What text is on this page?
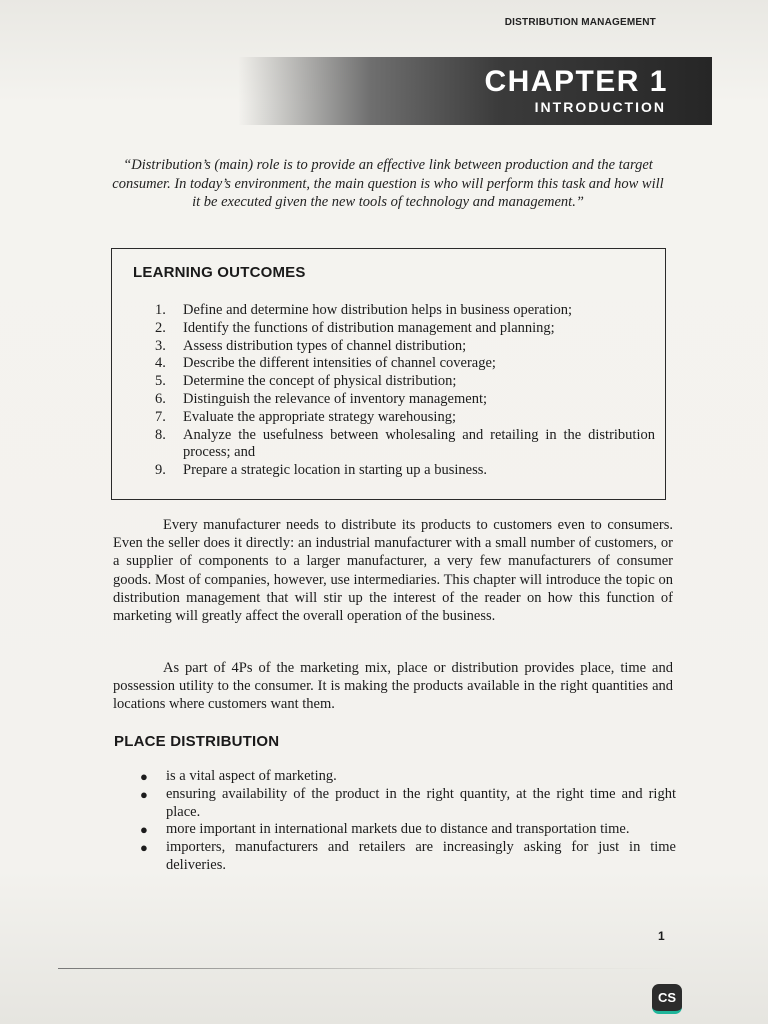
DISTRIBUTION MANAGEMENT
CHAPTER 1
INTRODUCTION
“Distribution’s (main) role is to provide an effective link between production and the target consumer. In today’s environment, the main question is who will perform this task and how will it be executed given the new tools of technology and management.”
LEARNING OUTCOMES
1.	Define and determine how distribution helps in business operation;
2.	Identify the functions of distribution management and planning;
3.	Assess distribution types of channel distribution;
4.	Describe the different intensities of channel coverage;
5.	Determine the concept of physical distribution;
6.	Distinguish the relevance of inventory management;
7.	Evaluate the appropriate strategy warehousing;
8.	Analyze the usefulness between wholesaling and retailing in the distribution process; and
9.	Prepare a strategic location in starting up a business.

Every manufacturer needs to distribute its products to customers even to consumers. Even the seller does it directly: an industrial manufacturer with a small number of customers, or a supplier of components to a larger manufacturer, a very few manufacturers of consumer goods. Most of companies, however, use intermediaries. This chapter will introduce the topic on distribution management that will stir up the interest of the reader on how this function of marketing will greatly affect the overall operation of the business.

As part of 4Ps of the marketing mix, place or distribution provides place, time and possession utility to the consumer. It is making the products available in the right quantities and locations where customers want them.

PLACE DISTRIBUTION
●	is a vital aspect of marketing.
●	ensuring availability of the product in the right quantity, at the right time and right place.
●	more important in international markets due to distance and transportation time.
●	importers, manufacturers and retailers are increasingly asking for just in time deliveries.
1
CS
